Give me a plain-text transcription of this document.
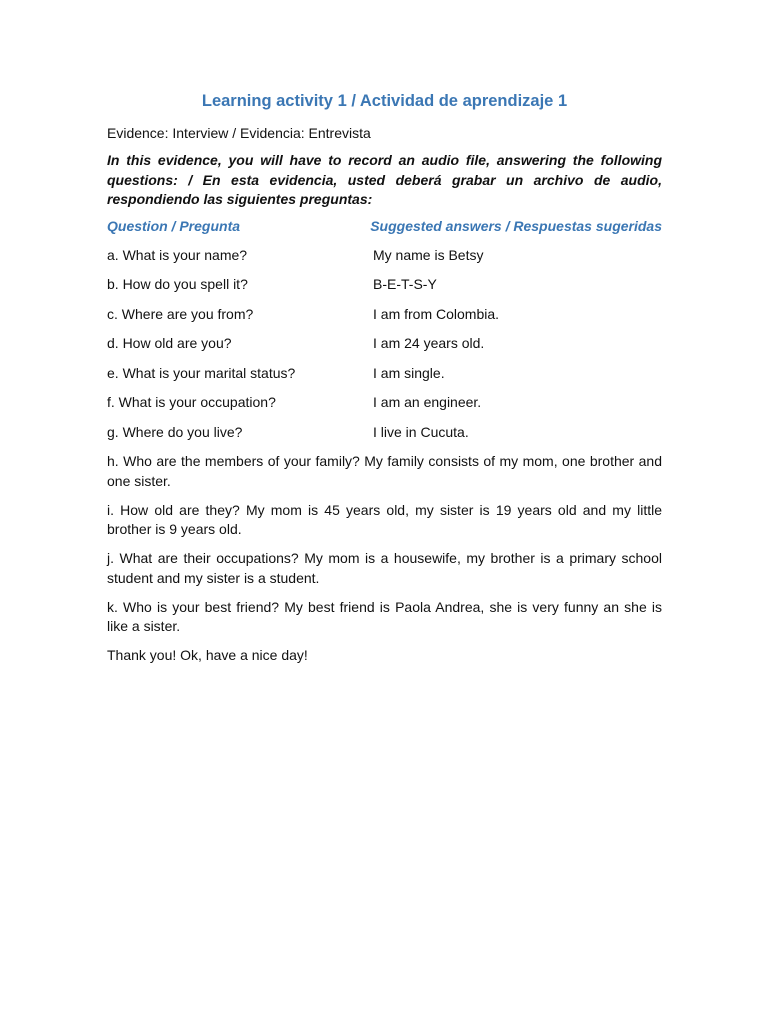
Learning activity 1 / Actividad de aprendizaje 1

Evidence: Interview / Evidencia: Entrevista

In this evidence, you will have to record an audio file, answering the following questions: / En esta evidencia, usted deberá grabar un archivo de audio, respondiendo las siguientes preguntas:

Question / Pregunta	Suggested answers / Respuestas sugeridas
a. What is your name?	My name is Betsy
b. How do you spell it?	B-E-T-S-Y
c. Where are you from?	I am from Colombia.
d. How old are you?	I am 24 years old.
e. What is your marital status?	I am single.
f. What is your occupation?	I am an engineer.
g. Where do you live?	I live in Cucuta.

h. Who are the members of your family? My family consists of my mom, one brother and one sister.

i. How old are they? My mom is 45 years old, my sister is 19 years old and my little brother is 9 years old.

j. What are their occupations? My mom is a housewife, my brother is a primary school student and my sister is a student.

k. Who is your best friend? My best friend is Paola Andrea, she is very funny an she is like a sister.

Thank you! Ok, have a nice day!
